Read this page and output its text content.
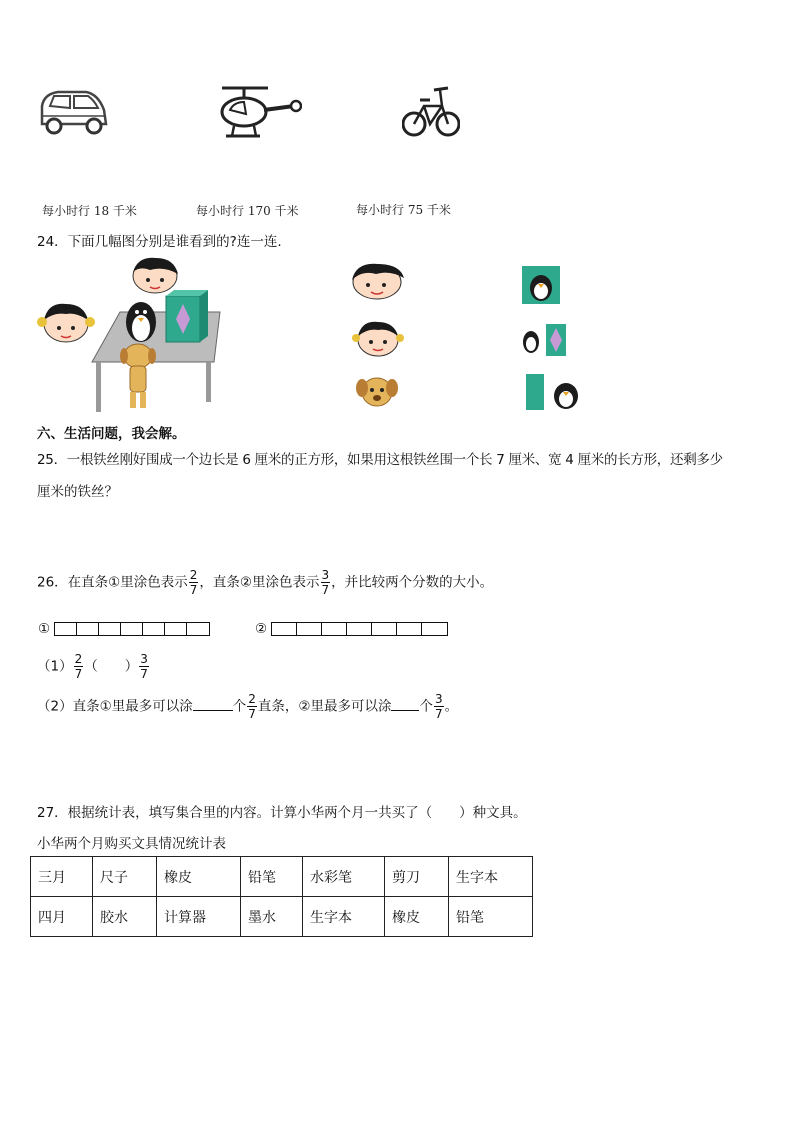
每小时行 18 千米	每小时行 170 千米	每小时行 75 千米
24．下面几幅图分别是谁看到的?连一连.
六、生活问题，我会解。
25．一根铁丝刚好围成一个边长是 6 厘米的正方形，如果用这根铁丝围一个长 7 厘米、宽 4 厘米的长方形，还剩多少
厘米的铁丝？
26．在直条①里涂色表示 $\frac{2}{7}$ ，直条②里涂色表示 $\frac{3}{7}$ ，并比较两个分数的大小。
①	②
$(1) \frac{2}{7}$ （　　） $\frac{3}{7}$
（2）直条①里最多可以涂	个 $\frac{2}{7}$ 直条，②里最多可以涂 个 $\frac{3}{7}$ 。
27．根据统计表，填写集合里的内容。计算小华两个月一共买了（　　）种文具。
小华两个月购买文具情况统计表
三月	尺子	橡皮	铅笔	水彩笔	剪刀	生字本
四月	胶水	计算器	墨水	生字本	橡皮	铅笔
